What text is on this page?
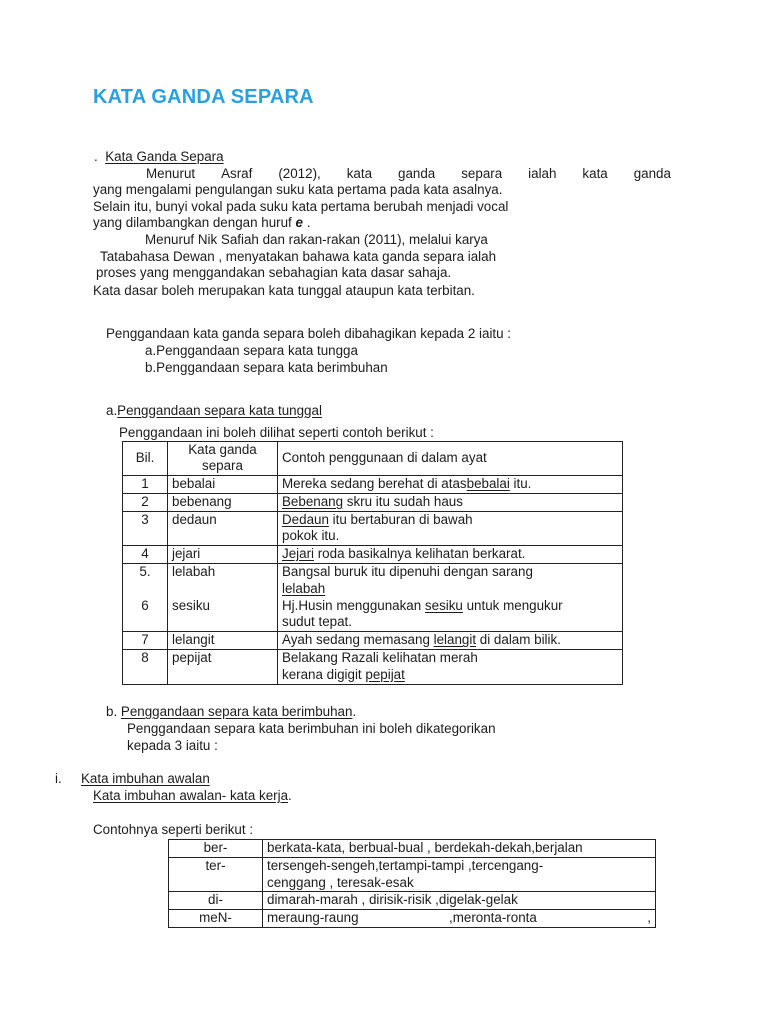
KATA GANDA SEPARA
. Kata Ganda Separa
Menurut Asraf (2012), kata ganda separa ialah kata ganda
yang mengalami pengulangan suku kata pertama pada kata asalnya.
Selain itu, bunyi vokal pada suku kata pertama berubah menjadi vocal
yang dilambangkan dengan huruf e .
Menuruf Nik Safiah dan rakan-rakan (2011), melalui karya
Tatabahasa Dewan , menyatakan bahawa kata ganda separa ialah
proses yang menggandakan sebahagian kata dasar sahaja.
Kata dasar boleh merupakan kata tunggal ataupun kata terbitan.
Penggandaan kata ganda separa boleh dibahagikan kepada 2 iaitu :
a.Penggandaan separa kata tungga
b.Penggandaan separa kata berimbuhan
a.Penggandaan separa kata tunggal
Penggandaan ini boleh dilihat seperti contoh berikut :
Bil.	Kata ganda separa	Contoh penggunaan di dalam ayat
1	bebalai	Mereka sedang berehat di atasbebalai itu.
2	bebenang	Bebenang skru itu sudah haus
3	dedaun	Dedaun itu bertaburan di bawah
pokok itu.
4	jejari	Jejari roda basikalnya kelihatan berkarat.
5.	lelabah	Bangsal buruk itu dipenuhi dengan sarang
lelabah
6	sesiku	Hj.Husin menggunakan sesiku untuk mengukur
sudut tepat.
7	lelangit	Ayah sedang memasang lelangit di dalam bilik.
8	pepijat	Belakang Razali kelihatan merah
kerana digigit pepijat
b. Penggandaan separa kata berimbuhan.
Penggandaan separa kata berimbuhan ini boleh dikategorikan
kepada 3 iaitu :
i. Kata imbuhan awalan
Kata imbuhan awalan- kata kerja.
Contohnya seperti berikut :
ber-	berkata-kata, berbual-bual , berdekah-dekah,berjalan
ter-	tersengeh-sengeh,tertampi-tampi ,tercengang-
cenggang , teresak-esak
di-	dimarah-marah , dirisik-risik ,digelak-gelak
meN-	meraung-raung ,meronta-ronta ,
